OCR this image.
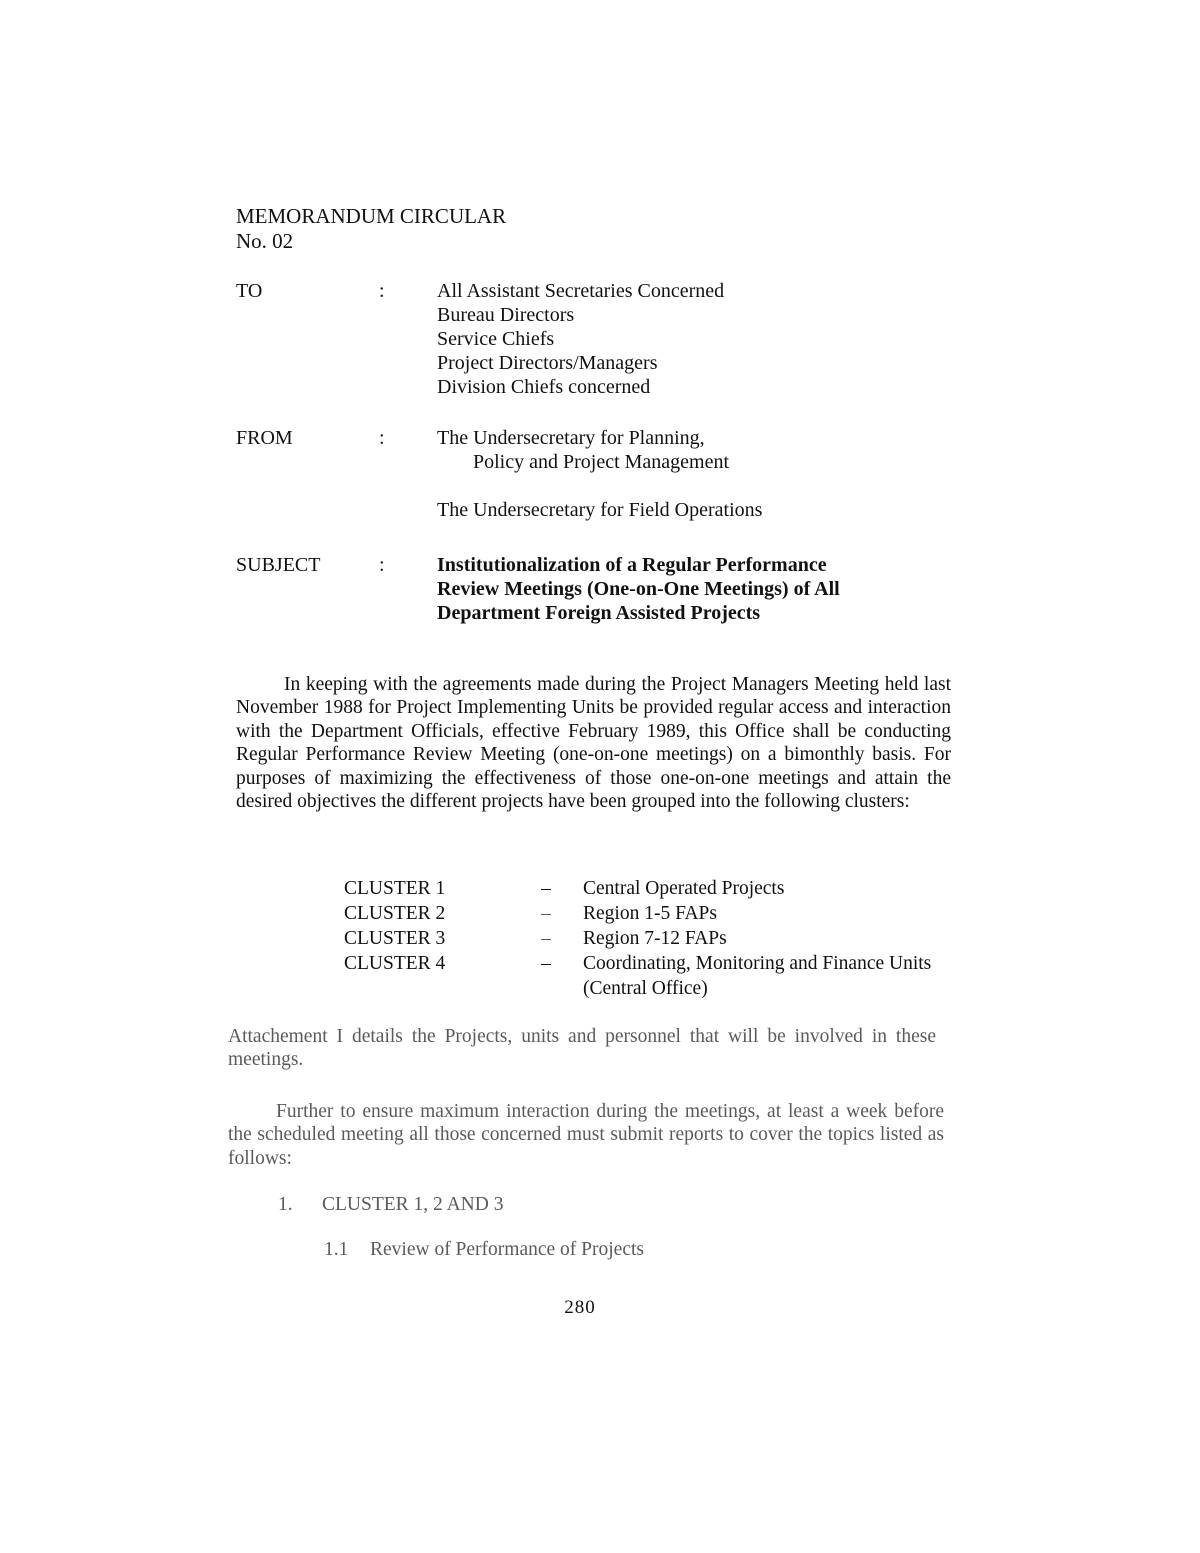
MEMORANDUM CIRCULAR
No. 02
TO	:	All Assistant Secretaries Concerned
Bureau Directors
Service Chiefs
Project Directors/Managers
Division Chiefs concerned
FROM	:	The Undersecretary for Planning,
Policy and Project Management
The Undersecretary for Field Operations
SUBJECT	:	Institutionalization of a Regular Performance
Review Meetings (One-on-One Meetings) of All
Department Foreign Assisted Projects
In keeping with the agreements made during the Project Managers Meeting held last November 1988 for Project Implementing Units be provided regular access and interaction with the Department Officials, effective February 1989, this Office shall be conducting Regular Performance Review Meeting (one-on-one meetings) on a bimonthly basis. For purposes of maximizing the effectiveness of those one-on-one meetings and attain the desired objectives the different projects have been grouped into the following clusters:
CLUSTER 1	– Central Operated Projects
CLUSTER 2	– Region 1-5 FAPs
CLUSTER 3	– Region 7-12 FAPs
CLUSTER 4	– Coordinating, Monitoring and Finance Units (Central Office)
Attachement I details the Projects, units and personnel that will be involved in these meetings.
Further to ensure maximum interaction during the meetings, at least a week before the scheduled meeting all those concerned must submit reports to cover the topics listed as follows:
1. CLUSTER 1, 2 AND 3
1.1 Review of Performance of Projects
280
